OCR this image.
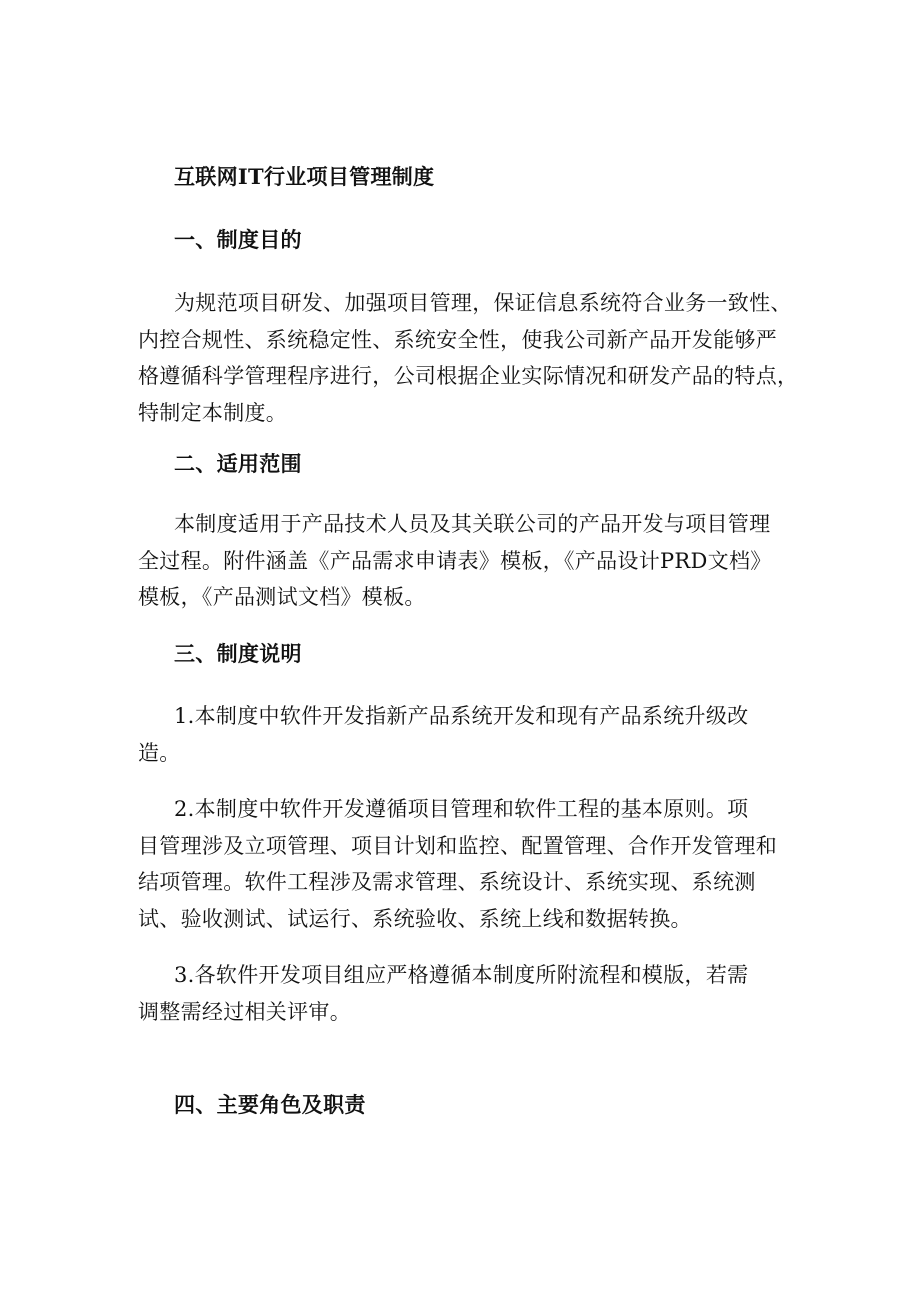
互联网IT行业项目管理制度
一、制度目的

为规范项目研发、加强项目管理，保证信息系统符合业务一致性、
内控合规性、系统稳定性、系统安全性，使我公司新产品开发能够严
格遵循科学管理程序进行，公司根据企业实际情况和研发产品的特点，
特制定本制度。

二、适用范围

本制度适用于产品技术人员及其关联公司的产品开发与项目管理
全过程。附件涵盖《产品需求申请表》模板，《产品设计PRD文档》
模板，《产品测试文档》模板。

三、制度说明

1.本制度中软件开发指新产品系统开发和现有产品系统升级改
造。

2.本制度中软件开发遵循项目管理和软件工程的基本原则。项
目管理涉及立项管理、项目计划和监控、配置管理、合作开发管理和
结项管理。软件工程涉及需求管理、系统设计、系统实现、系统测
试、验收测试、试运行、系统验收、系统上线和数据转换。

3.各软件开发项目组应严格遵循本制度所附流程和模版，若需
调整需经过相关评审。

四、主要角色及职责
